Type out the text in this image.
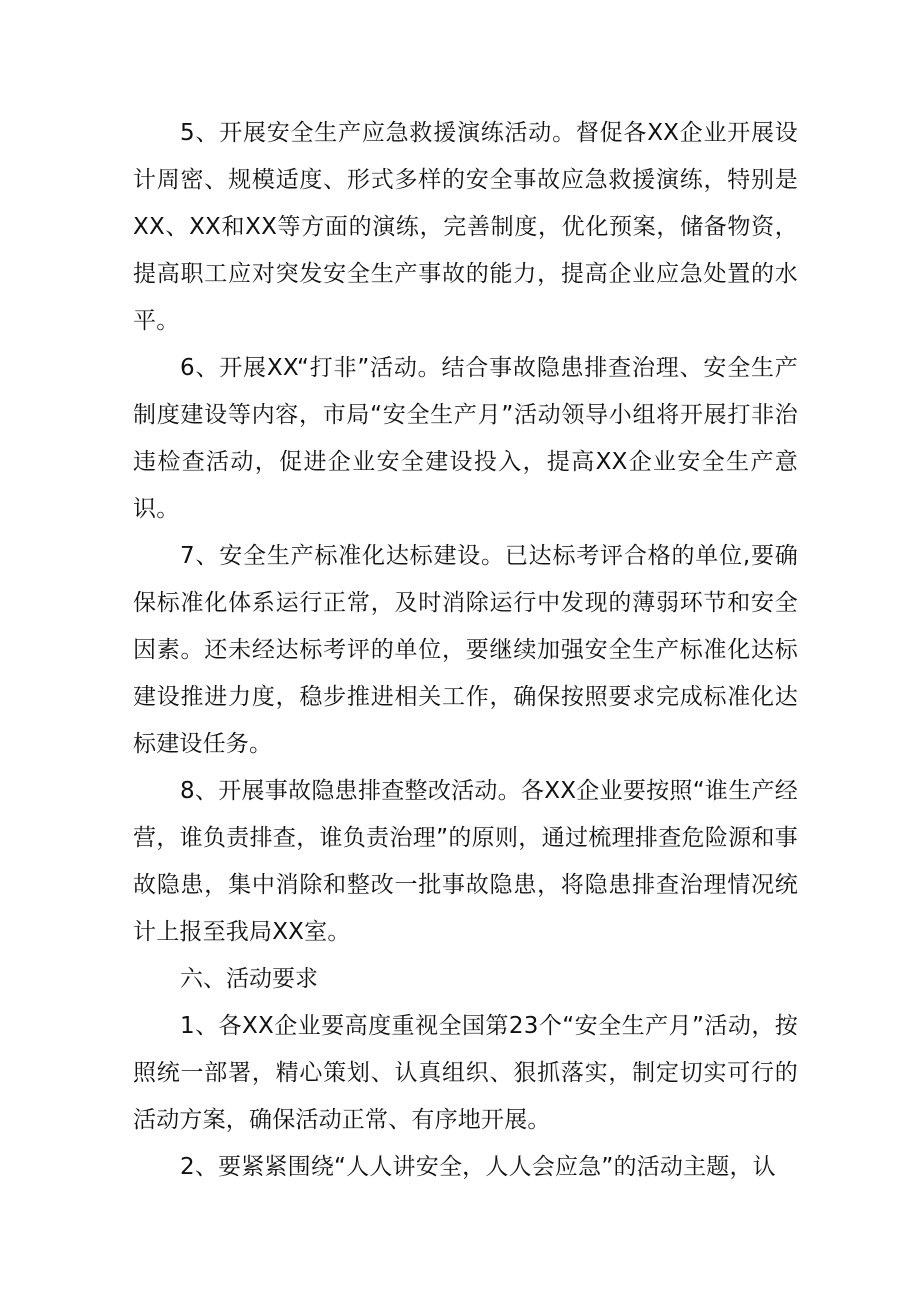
5、开展安全生产应急救援演练活动。督促各XX企业开展设计周密、规模适度、形式多样的安全事故应急救援演练，特别是XX、XX和XX等方面的演练，完善制度，优化预案，储备物资，提高职工应对突发安全生产事故的能力，提高企业应急处置的水平。

6、开展XX“打非”活动。结合事故隐患排查治理、安全生产制度建设等内容，市局“安全生产月”活动领导小组将开展打非治违检查活动，促进企业安全建设投入，提高XX企业安全生产意识。

7、安全生产标准化达标建设。已达标考评合格的单位,要确保标准化体系运行正常，及时消除运行中发现的薄弱环节和安全因素。还未经达标考评的单位，要继续加强安全生产标准化达标建设推进力度，稳步推进相关工作，确保按照要求完成标准化达标建设任务。

8、开展事故隐患排查整改活动。各XX企业要按照“谁生产经营，谁负责排查，谁负责治理”的原则，通过梳理排查危险源和事故隐患，集中消除和整改一批事故隐患，将隐患排查治理情况统计上报至我局XX室。

六、活动要求

1、各XX企业要高度重视全国第23个“安全生产月”活动，按照统一部署，精心策划、认真组织、狠抓落实，制定切实可行的活动方案，确保活动正常、有序地开展。

2、要紧紧围绕“人人讲安全，人人会应急”的活动主题，认
